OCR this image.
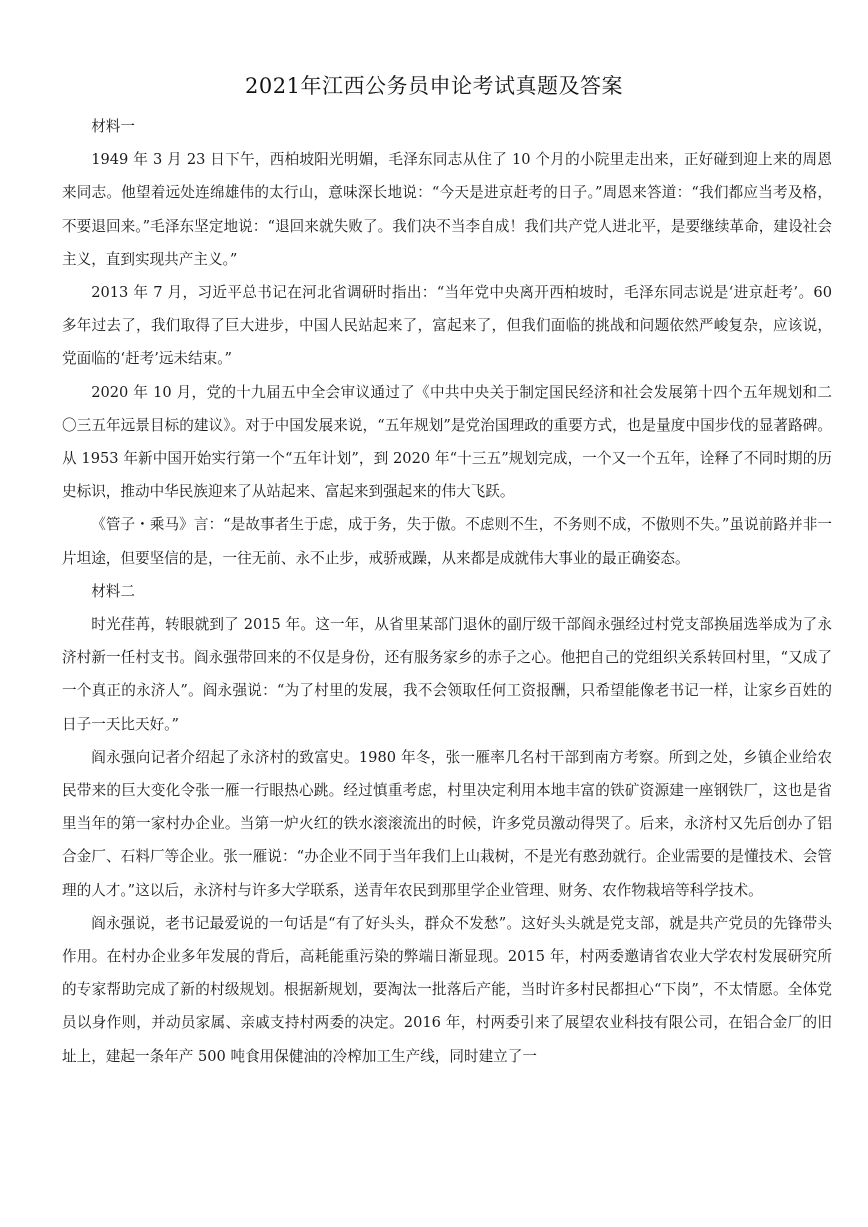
2021年江西公务员申论考试真题及答案

材料一

1949 年 3 月 23 日下午，西柏坡阳光明媚，毛泽东同志从住了 10 个月的小院里走出来，正好碰到迎上来的周恩来同志。他望着远处连绵雄伟的太行山，意味深长地说：“今天是进京赶考的日子。”周恩来答道：“我们都应当考及格，不要退回来。”毛泽东坚定地说：“退回来就失败了。我们决不当李自成！我们共产党人进北平，是要继续革命，建设社会主义，直到实现共产主义。”

2013 年 7 月，习近平总书记在河北省调研时指出：“当年党中央离开西柏坡时，毛泽东同志说是‘进京赶考’。60 多年过去了，我们取得了巨大进步，中国人民站起来了，富起来了，但我们面临的挑战和问题依然严峻复杂，应该说，党面临的‘赶考’远未结束。”

2020 年 10 月，党的十九届五中全会审议通过了《中共中央关于制定国民经济和社会发展第十四个五年规划和二〇三五年远景目标的建议》。对于中国发展来说，“五年规划”是党治国理政的重要方式，也是量度中国步伐的显著路碑。从 1953 年新中国开始实行第一个“五年计划”，到 2020 年“十三五”规划完成，一个又一个五年，诠释了不同时期的历史标识，推动中华民族迎来了从站起来、富起来到强起来的伟大飞跃。

《管子・乘马》言：“是故事者生于虑，成于务，失于傲。不虑则不生，不务则不成，不傲则不失。”虽说前路并非一片坦途，但要坚信的是，一往无前、永不止步，戒骄戒躁，从来都是成就伟大事业的最正确姿态。

材料二

时光荏苒，转眼就到了 2015 年。这一年，从省里某部门退休的副厅级干部阎永强经过村党支部换届选举成为了永济村新一任村支书。阎永强带回来的不仅是身份，还有服务家乡的赤子之心。他把自己的党组织关系转回村里，“又成了一个真正的永济人”。阎永强说：“为了村里的发展，我不会领取任何工资报酬，只希望能像老书记一样，让家乡百姓的日子一天比天好。”

阎永强向记者介绍起了永济村的致富史。1980 年冬，张一雁率几名村干部到南方考察。所到之处，乡镇企业给农民带来的巨大变化令张一雁一行眼热心跳。经过慎重考虑，村里决定利用本地丰富的铁矿资源建一座钢铁厂，这也是省里当年的第一家村办企业。当第一炉火红的铁水滚滚流出的时候，许多党员激动得哭了。后来，永济村又先后创办了铝合金厂、石料厂等企业。张一雁说：“办企业不同于当年我们上山栽树，不是光有憨劲就行。企业需要的是懂技术、会管理的人才。”这以后，永济村与许多大学联系，送青年农民到那里学企业管理、财务、农作物栽培等科学技术。

阎永强说，老书记最爱说的一句话是“有了好头头，群众不发愁”。这好头头就是党支部，就是共产党员的先锋带头作用。在村办企业多年发展的背后，高耗能重污染的弊端日渐显现。2015 年，村两委邀请省农业大学农村发展研究所的专家帮助完成了新的村级规划。根据新规划，要淘汰一批落后产能，当时许多村民都担心“下岗”，不太情愿。全体党员以身作则，并动员家属、亲戚支持村两委的决定。2016 年，村两委引来了展望农业科技有限公司，在铝合金厂的旧址上，建起一条年产 500 吨食用保健油的冷榨加工生产线，同时建立了一
